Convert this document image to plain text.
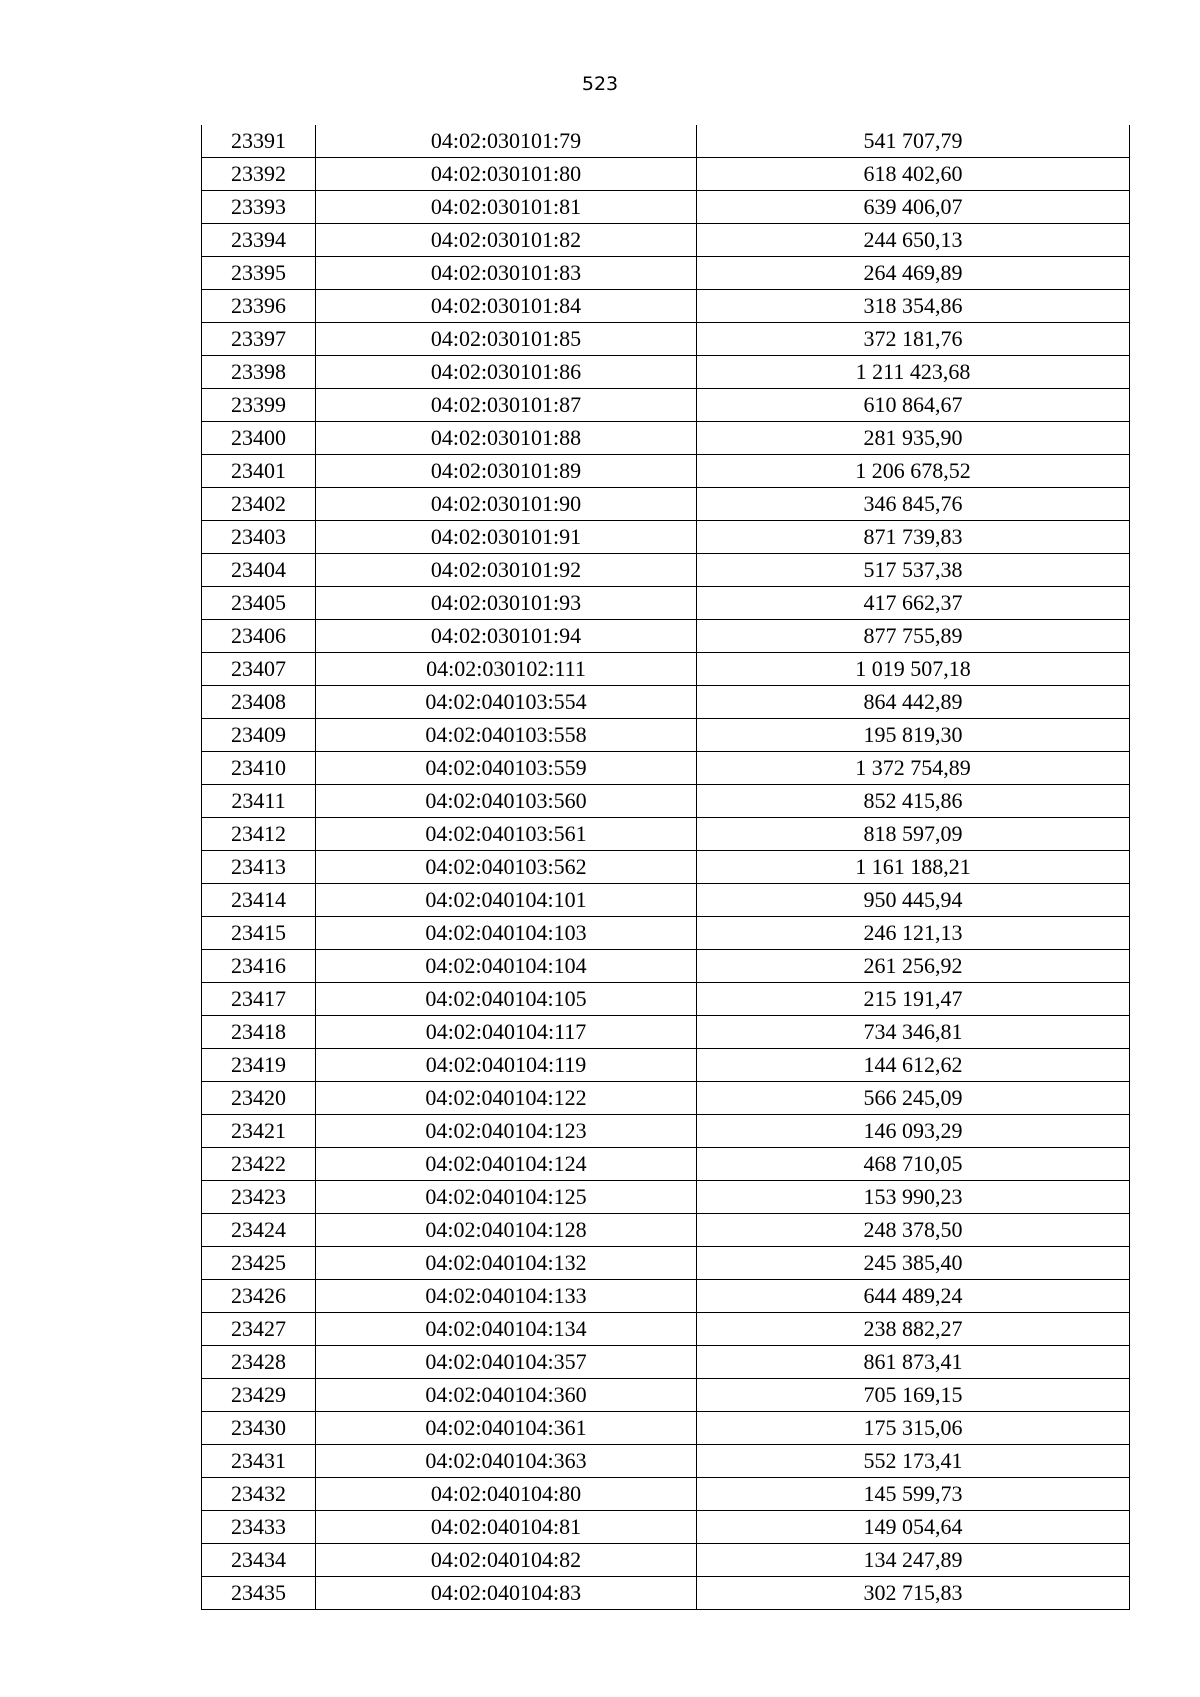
523
23391	04:02:030101:79	541 707,79
23392	04:02:030101:80	618 402,60
23393	04:02:030101:81	639 406,07
23394	04:02:030101:82	244 650,13
23395	04:02:030101:83	264 469,89
23396	04:02:030101:84	318 354,86
23397	04:02:030101:85	372 181,76
23398	04:02:030101:86	1 211 423,68
23399	04:02:030101:87	610 864,67
23400	04:02:030101:88	281 935,90
23401	04:02:030101:89	1 206 678,52
23402	04:02:030101:90	346 845,76
23403	04:02:030101:91	871 739,83
23404	04:02:030101:92	517 537,38
23405	04:02:030101:93	417 662,37
23406	04:02:030101:94	877 755,89
23407	04:02:030102:111	1 019 507,18
23408	04:02:040103:554	864 442,89
23409	04:02:040103:558	195 819,30
23410	04:02:040103:559	1 372 754,89
23411	04:02:040103:560	852 415,86
23412	04:02:040103:561	818 597,09
23413	04:02:040103:562	1 161 188,21
23414	04:02:040104:101	950 445,94
23415	04:02:040104:103	246 121,13
23416	04:02:040104:104	261 256,92
23417	04:02:040104:105	215 191,47
23418	04:02:040104:117	734 346,81
23419	04:02:040104:119	144 612,62
23420	04:02:040104:122	566 245,09
23421	04:02:040104:123	146 093,29
23422	04:02:040104:124	468 710,05
23423	04:02:040104:125	153 990,23
23424	04:02:040104:128	248 378,50
23425	04:02:040104:132	245 385,40
23426	04:02:040104:133	644 489,24
23427	04:02:040104:134	238 882,27
23428	04:02:040104:357	861 873,41
23429	04:02:040104:360	705 169,15
23430	04:02:040104:361	175 315,06
23431	04:02:040104:363	552 173,41
23432	04:02:040104:80	145 599,73
23433	04:02:040104:81	149 054,64
23434	04:02:040104:82	134 247,89
23435	04:02:040104:83	302 715,83
